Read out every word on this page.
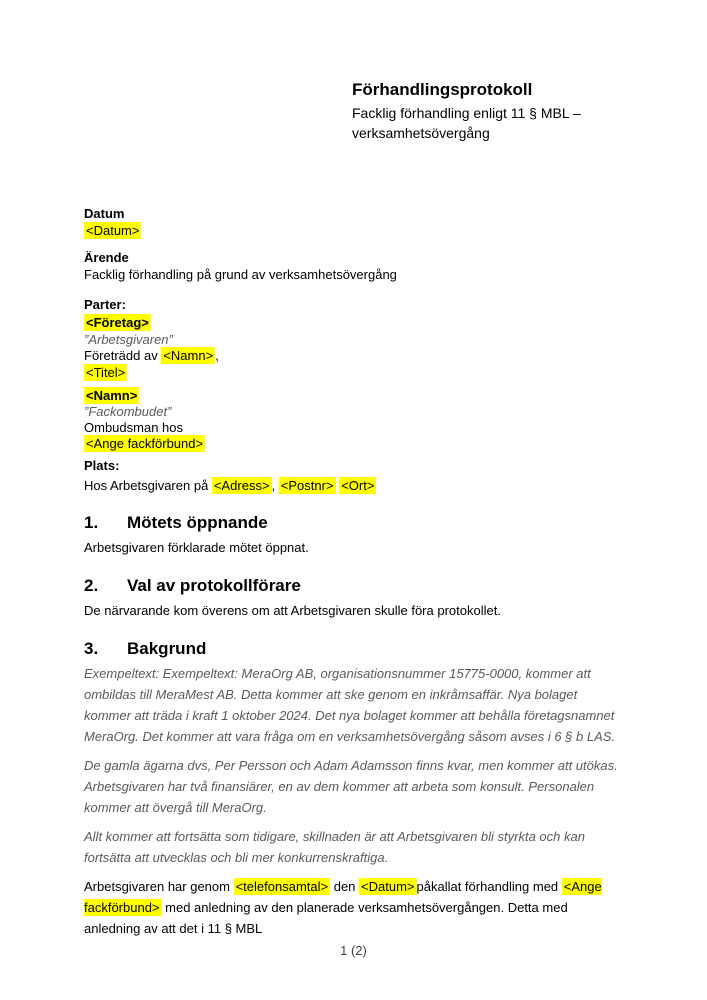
Förhandlingsprotokoll
Facklig förhandling enligt 11 § MBL –
verksamhetsövergång
Datum
<Datum>
Ärende
Facklig förhandling på grund av verksamhetsövergång
Parter:
<Företag>
”Arbetsgivaren”
Företrädd av <Namn> ,
<Titel>
<Namn>
”Fackombudet”
Ombudsman hos
<Ange fackförbund>
Plats:
Hos Arbetsgivaren på <Adress> , <Postnr> <Ort>
1.	Mötets öppnande

Arbetsgivaren förklarade mötet öppnat.

2.	Val av protokollförare

De närvarande kom överens om att Arbetsgivaren skulle föra protokollet.

3.	Bakgrund

Exempeltext: Exempeltext: MeraOrg AB, organisationsnummer 15775-0000, kommer att ombildas till MeraMest AB. Detta kommer att ske genom en inkråmsaffär. Nya bolaget kommer att träda i kraft 1 oktober 2024. Det nya bolaget kommer att behålla företagsnamnet MeraOrg. Det kommer att vara fråga om en verksamhetsövergång såsom avses i 6 § b LAS.

De gamla ägarna dvs, Per Persson och Adam Adamsson finns kvar, men kommer att utökas. Arbetsgivaren har två finansiärer, en av dem kommer att arbeta som konsult. Personalen kommer att övergå till MeraOrg.

Allt kommer att fortsätta som tidigare, skillnaden är att Arbetsgivaren bli styrkta och kan fortsätta att utvecklas och bli mer konkurrenskraftiga.

Arbetsgivaren har genom <telefonsamtal> den <Datum> påkallat förhandling med <Ange fackförbund> med anledning av den planerade verksamhetsövergången. Detta med anledning av att det i 11 § MBL

1 (2)
